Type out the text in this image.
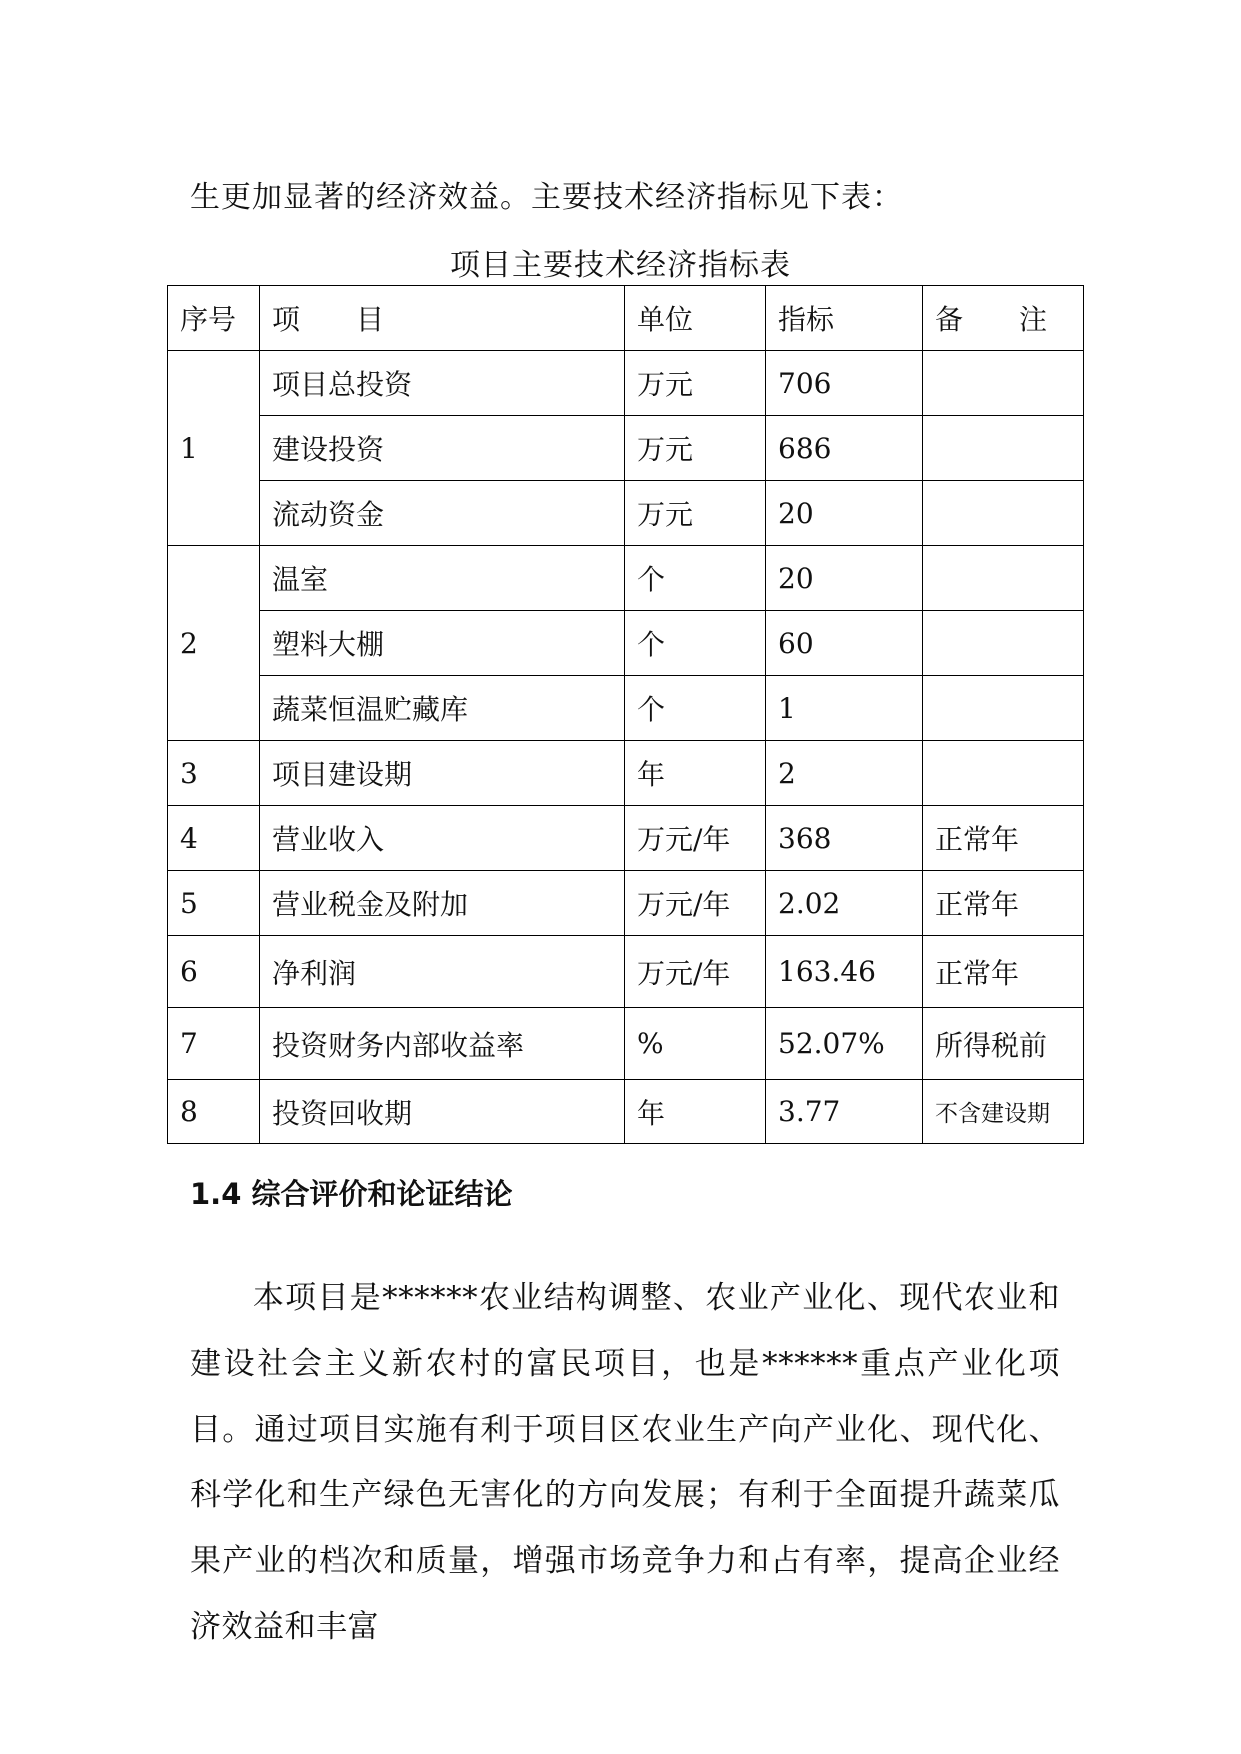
生更加显著的经济效益。主要技术经济指标见下表：
项目主要技术经济指标表
序号	项　　目	单位	指标	备　　注
1	项目总投资	万元	706	
	建设投资	万元	686	
	流动资金	万元	20	
2	温室	个	20	
	塑料大棚	个	60	
	蔬菜恒温贮藏库	个	1	
3	项目建设期	年	2	
4	营业收入	万元/年	368	正常年
5	营业税金及附加	万元/年	2.02	正常年
6	净利润	万元/年	163.46	正常年
7	投资财务内部收益率	%	52.07%	所得税前
8	投资回收期	年	3.77	不含建设期
1.4 综合评价和论证结论

本项目是******农业结构调整、农业产业化、现代农业和建设社会主义新农村的富民项目，也是******重点产业化项目。通过项目实施有利于项目区农业生产向产业化、现代化、科学化和生产绿色无害化的方向发展；有利于全面提升蔬菜瓜果产业的档次和质量，增强市场竞争力和占有率，提高企业经济效益和丰富
